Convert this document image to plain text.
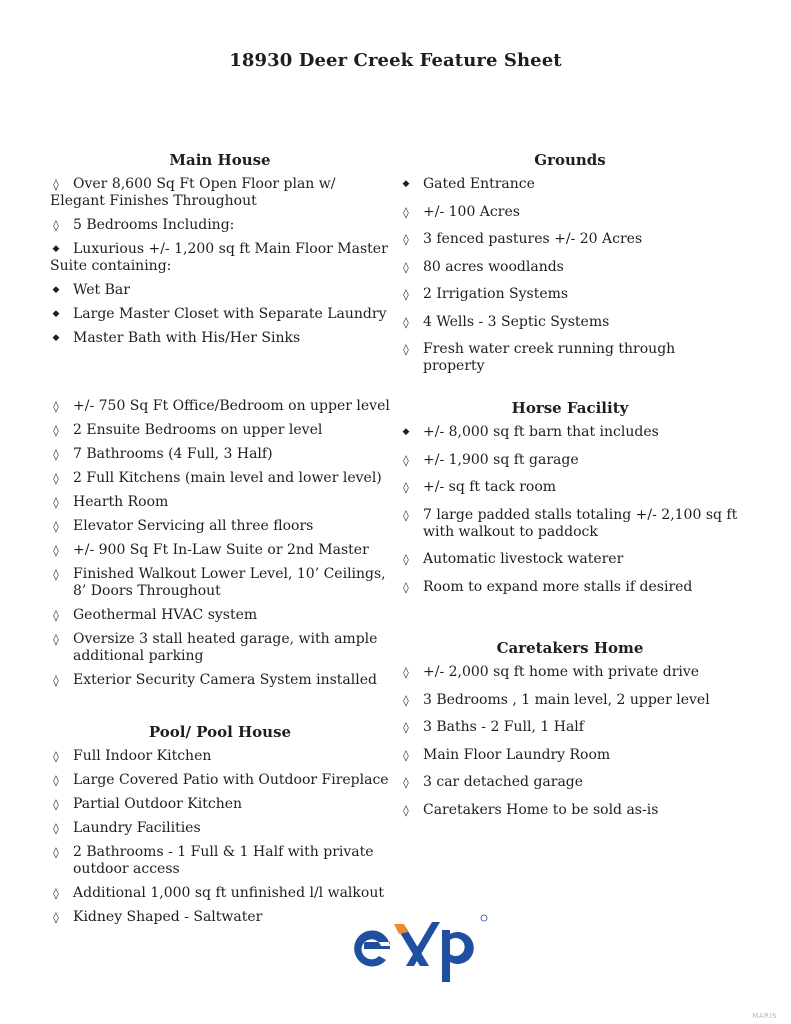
18930 Deer Creek Feature Sheet
Main House
◊ Over 8,600 Sq Ft Open Floor plan w/ Elegant Finishes Throughout
◊ 5 Bedrooms Including:
◆ Luxurious +/- 1,200 sq ft Main Floor Master Suite containing:
◆ Wet Bar
◆ Large Master Closet with Separate Laundry
◆ Master Bath with His/Her Sinks
◊ +/- 750 Sq Ft Office/Bedroom on upper level
◊ 2 Ensuite Bedrooms on upper level
◊ 7 Bathrooms (4 Full, 3 Half)
◊ 2 Full Kitchens (main level and lower level)
◊ Hearth Room
◊ Elevator Servicing all three floors
◊ +/- 900 Sq Ft In-Law Suite or 2nd Master
◊ Finished Walkout Lower Level, 10’ Ceilings, 8’ Doors Throughout
◊ Geothermal HVAC system
◊ Oversize 3 stall heated garage, with ample additional parking
◊ Exterior Security Camera System installed
Pool/ Pool House
◊ Full Indoor Kitchen
◊ Large Covered Patio with Outdoor Fireplace
◊ Partial Outdoor Kitchen
◊ Laundry Facilities
◊ 2 Bathrooms - 1 Full & 1 Half with private outdoor access
◊ Additional 1,000 sq ft unfinished l/l walkout
◊ Kidney Shaped - Saltwater
Grounds
◆ Gated Entrance
◊ +/- 100 Acres
◊ 3 fenced pastures +/- 20 Acres
◊ 80 acres woodlands
◊ 2 Irrigation Systems
◊ 4 Wells - 3 Septic Systems
◊ Fresh water creek running through property
Horse Facility
◆ +/- 8,000 sq ft barn that includes
◊ +/- 1,900 sq ft garage
◊ +/- sq ft tack room
◊ 7 large padded stalls totaling +/- 2,100 sq ft with walkout to paddock
◊ Automatic livestock waterer
◊ Room to expand more stalls if desired
Caretakers Home
◊ +/- 2,000 sq ft home with private drive
◊ 3 Bedrooms , 1 main level, 2 upper level
◊ 3 Baths - 2 Full, 1 Half
◊ Main Floor Laundry Room
◊ 3 car detached garage
◊ Caretakers Home to be sold as-is
MARIS
